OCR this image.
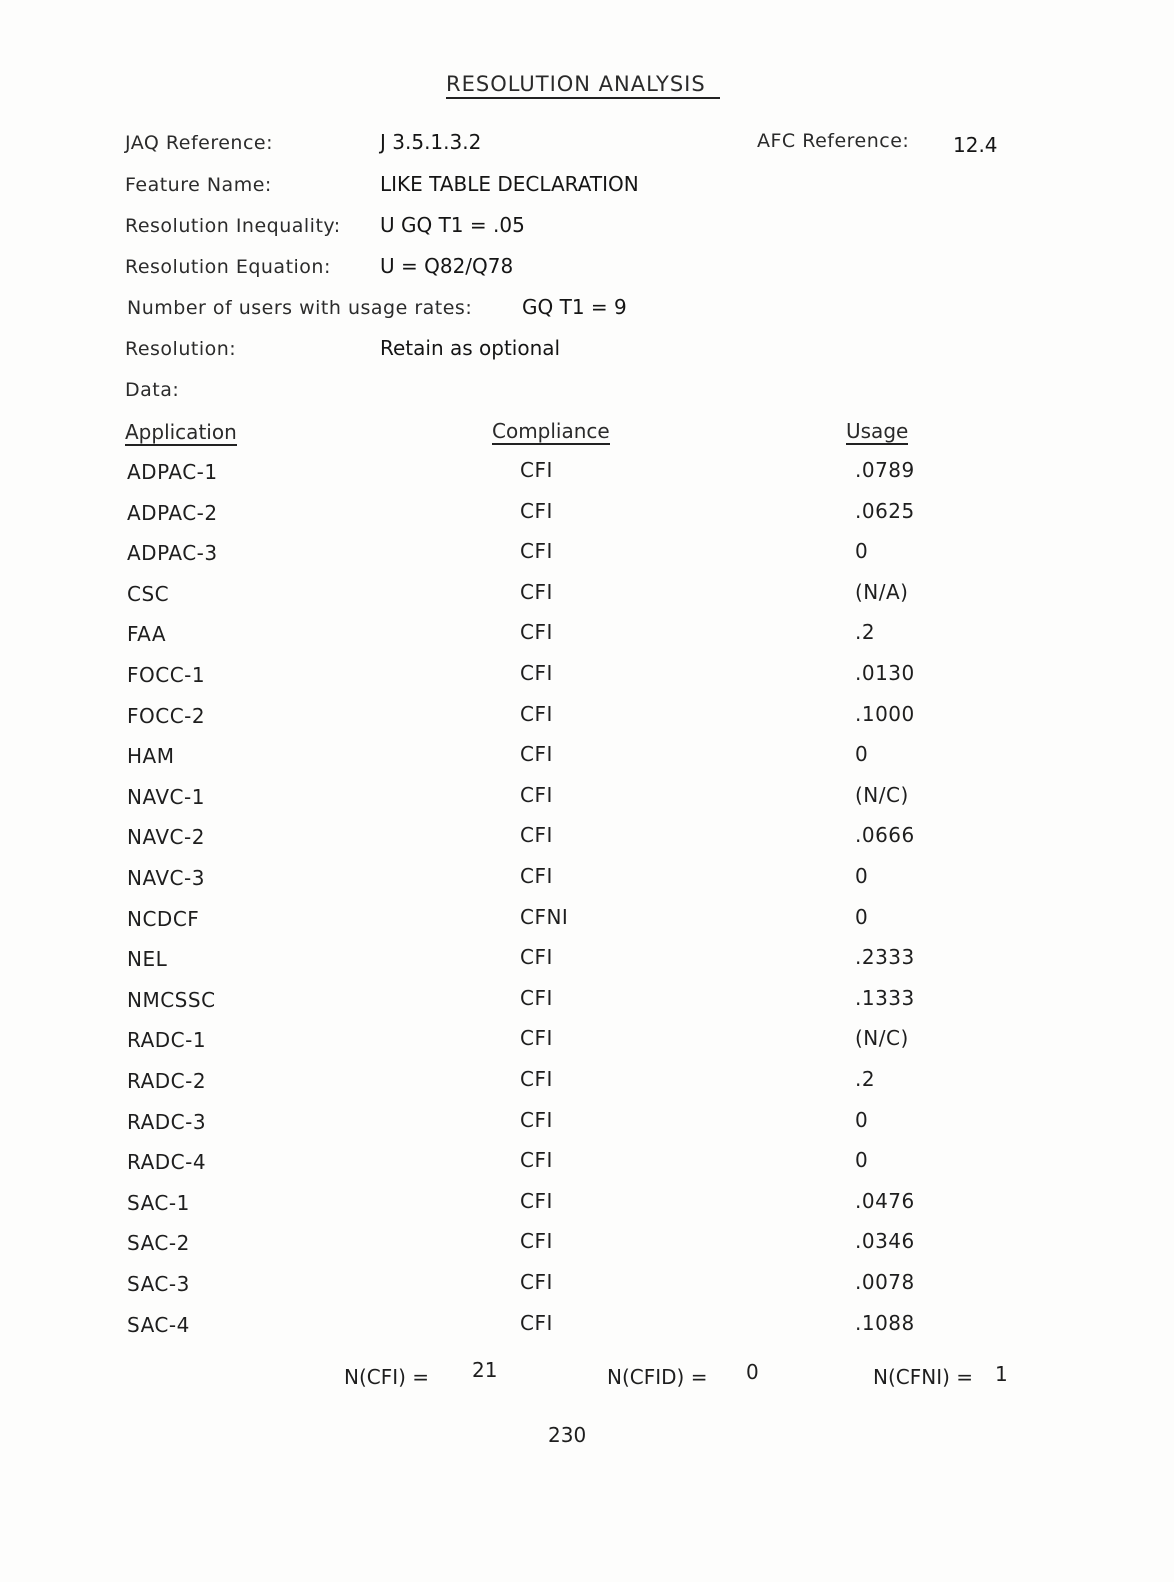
RESOLUTION ANALYSIS
JAQ Reference:	J 3.5.1.3.2	AFC Reference: 12.4
Feature Name:	LIKE TABLE DECLARATION
Resolution Inequality: U GQ T1 = .05
Resolution Equation: U = Q82/Q78
Number of users with usage rates: GQ T1 = 9
Resolution:	Retain as optional
Data:
Application	Compliance	Usage
ADPAC-1	CFI	.0789
ADPAC-2	CFI	.0625
ADPAC-3	CFI	0
CSC	CFI	(N/A)
FAA	CFI	.2
FOCC-1	CFI	.0130
FOCC-2	CFI	.1000
HAM	CFI	0
NAVC-1	CFI	(N/C)
NAVC-2	CFI	.0666
NAVC-3	CFI	0
NCDCF	CFNI	0
NEL	CFI	.2333
NMCSSC	CFI	.1333
RADC-1	CFI	(N/C)
RADC-2	CFI	.2
RADC-3	CFI	0
RADC-4	CFI	0
SAC-1	CFI	.0476
SAC-2	CFI	.0346
SAC-3	CFI	.0078
SAC-4	CFI	.1088
N(CFI) = 21	N(CFID) = 0	N(CFNI) = 1
230
